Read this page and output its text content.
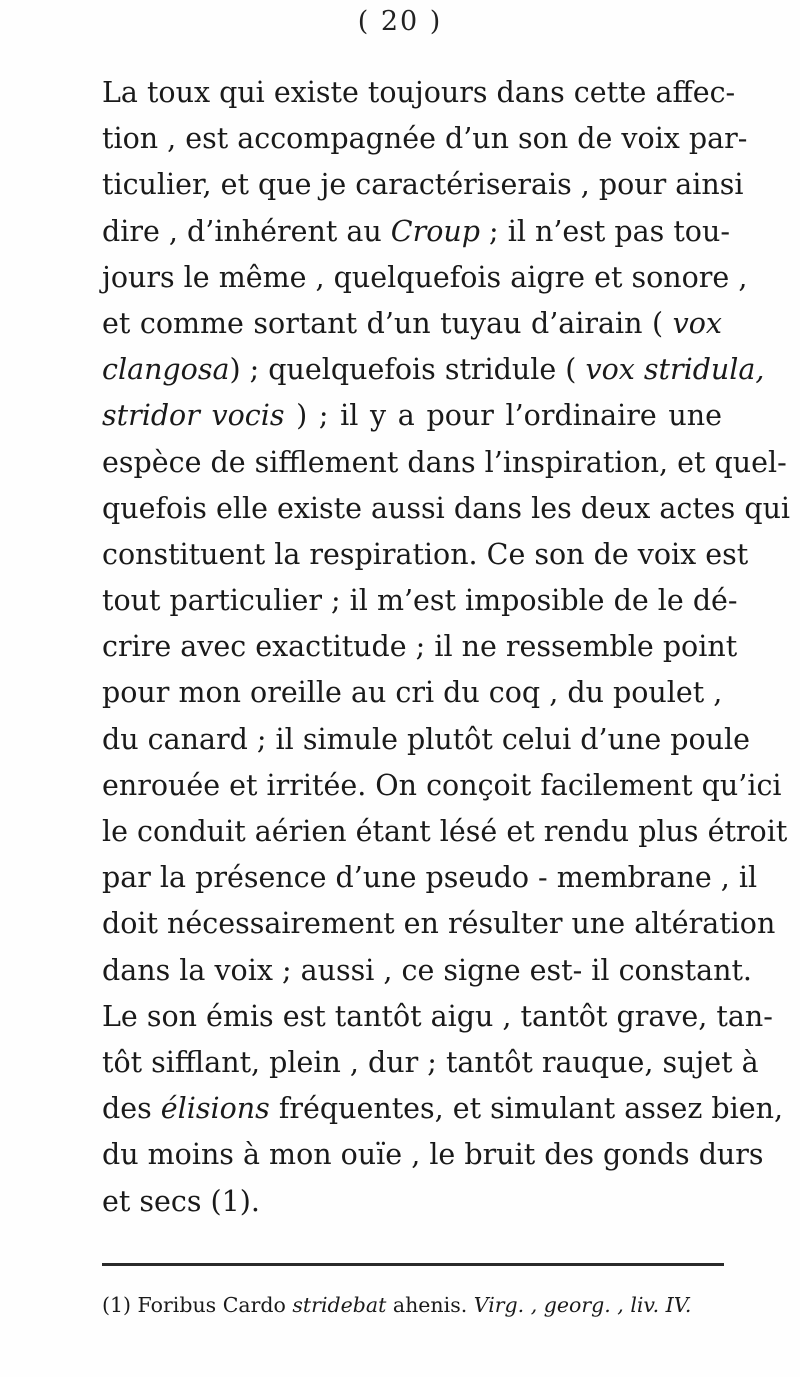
( 20 )
La toux qui existe toujours dans cette affec-
tion , est accompagnée d’un son de voix par-
ticulier, et que je caractériserais , pour ainsi
dire , d’inhérent au Croup ; il n’est pas tou-
jours le même , quelquefois aigre et sonore ,
et comme sortant d’un tuyau d’airain ( vox
clangosa) ; quelquefois stridule ( vox stridula,
stridor vocis ) ; il y a pour l’ordinaire une
espèce de sifflement dans l’inspiration, et quel-
quefois elle existe aussi dans les deux actes qui
constituent la respiration. Ce son de voix est
tout particulier ; il m’est imposible de le dé-
crire avec exactitude ; il ne ressemble point
pour mon oreille au cri du coq , du poulet ,
du canard ; il simule plutôt celui d’une poule
enrouée et irritée. On conçoit facilement qu’ici
le conduit aérien étant lésé et rendu plus étroit
par la présence d’une pseudo - membrane , il
doit nécessairement en résulter une altération
dans la voix ; aussi , ce signe est- il constant.
Le son émis est tantôt aigu , tantôt grave, tan-
tôt sifflant, plein , dur ; tantôt rauque, sujet à
des élisions fréquentes, et simulant assez bien,
du moins à mon ouïe , le bruit des gonds durs
et secs (1).
(1) Foribus Cardo stridebat ahenis. Virg. , georg. , liv. IV.
